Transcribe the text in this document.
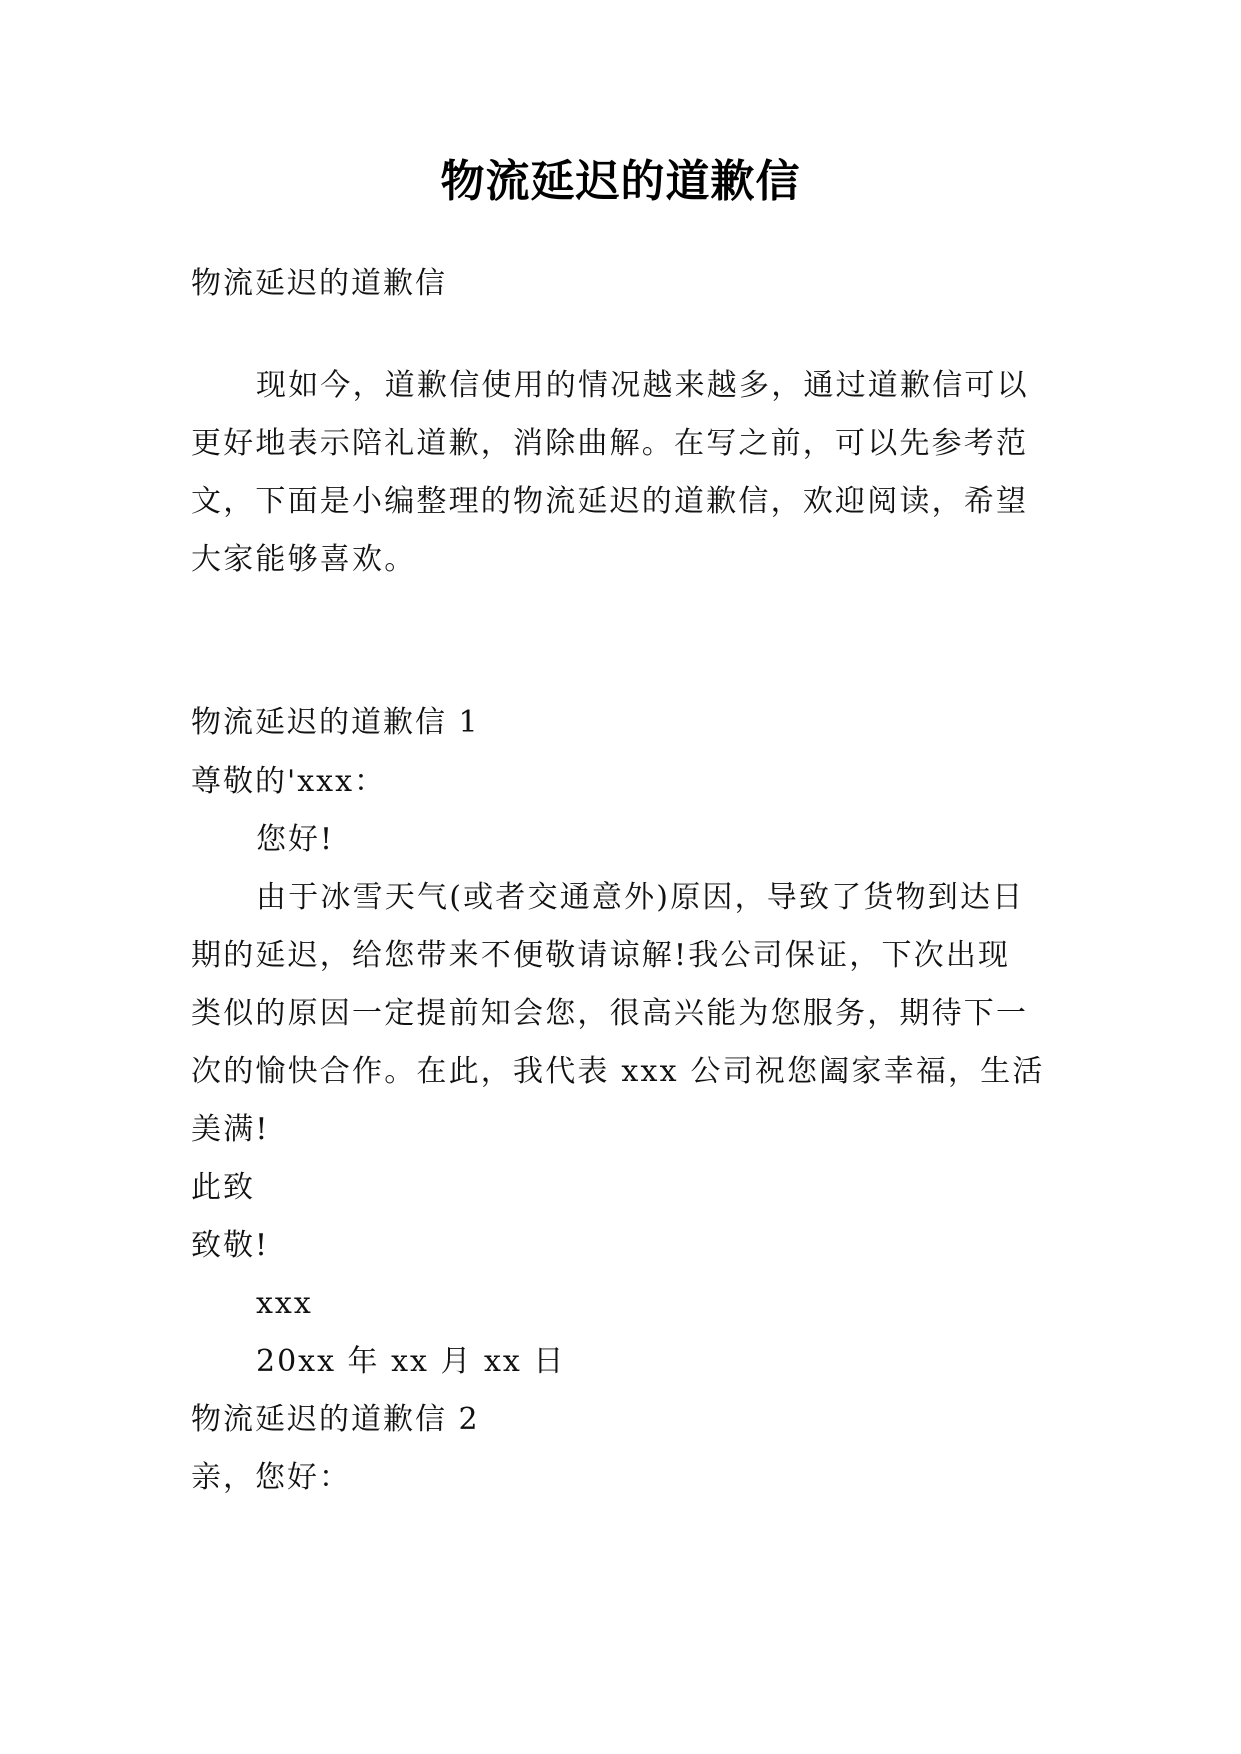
物流延迟的道歉信
物流延迟的道歉信
现如今，道歉信使用的情况越来越多，通过道歉信可以
更好地表示陪礼道歉，消除曲解。在写之前，可以先参考范
文，下面是小编整理的物流延迟的道歉信，欢迎阅读，希望
大家能够喜欢。
物流延迟的道歉信 1
尊敬的'xxx：
您好!
由于冰雪天气(或者交通意外)原因，导致了货物到达日
期的延迟，给您带来不便敬请谅解!我公司保证，下次出现
类似的原因一定提前知会您，很高兴能为您服务，期待下一
次的愉快合作。在此，我代表 xxx 公司祝您阖家幸福，生活
美满!
此致
致敬!
xxx
20xx 年 xx 月 xx 日
物流延迟的道歉信 2
亲，您好：
